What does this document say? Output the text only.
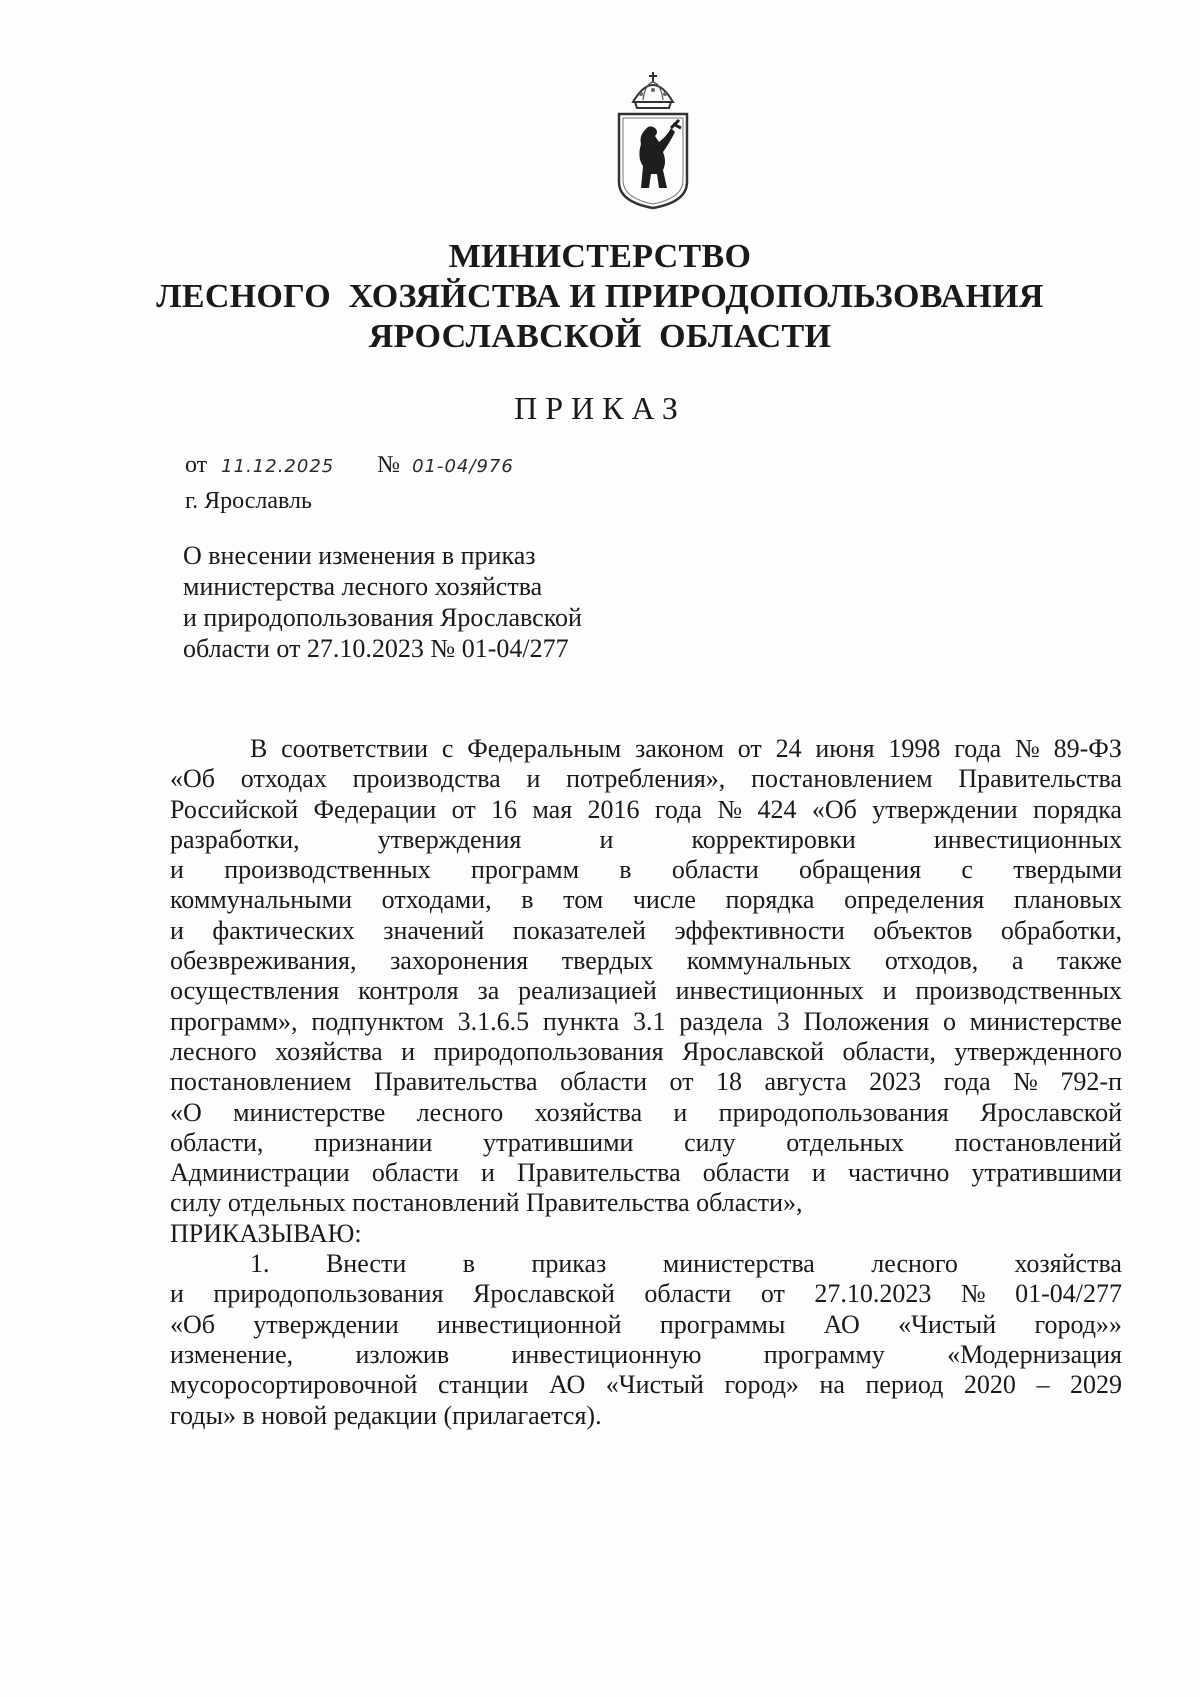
МИНИСТЕРСТВО
ЛЕСНОГО  ХОЗЯЙСТВА И ПРИРОДОПОЛЬЗОВАНИЯ
ЯРОСЛАВСКОЙ  ОБЛАСТИ
ПРИКАЗ
от 11.12.2025 № 01-04/976
г. Ярославль
О внесении изменения в приказ
министерства лесного хозяйства
и природопользования Ярославской
области от 27.10.2023 № 01-04/277
В соответствии с Федеральным законом от 24 июня 1998 года № 89-ФЗ
«Об отходах производства и потребления», постановлением Правительства
Российской Федерации от 16 мая 2016 года № 424 «Об утверждении порядка
разработки,	утверждения	и	корректировки	инвестиционных
и производственных программ в области обращения с твердыми
коммунальными отходами, в том числе порядка определения плановых
и фактических значений показателей эффективности объектов обработки,
обезвреживания, захоронения твердых коммунальных отходов, а также
осуществления контроля за реализацией инвестиционных и производственных
программ», подпунктом 3.1.6.5 пункта 3.1 раздела 3 Положения о министерстве
лесного хозяйства и природопользования Ярославской области, утвержденного
постановлением Правительства области от 18 августа 2023 года № 792-п
«О министерстве лесного хозяйства и природопользования Ярославской
области, признании утратившими силу отдельных постановлений
Администрации области и Правительства области и частично утратившими
силу отдельных постановлений Правительства области»,
ПРИКАЗЫВАЮ:
1. Внести в приказ министерства лесного хозяйства
и природопользования Ярославской области от 27.10.2023 № 01-04/277
«Об утверждении инвестиционной программы АО «Чистый город»»
изменение, изложив инвестиционную программу «Модернизация
мусоросортировочной станции АО «Чистый город» на период 2020 – 2029
годы» в новой редакции (прилагается).
